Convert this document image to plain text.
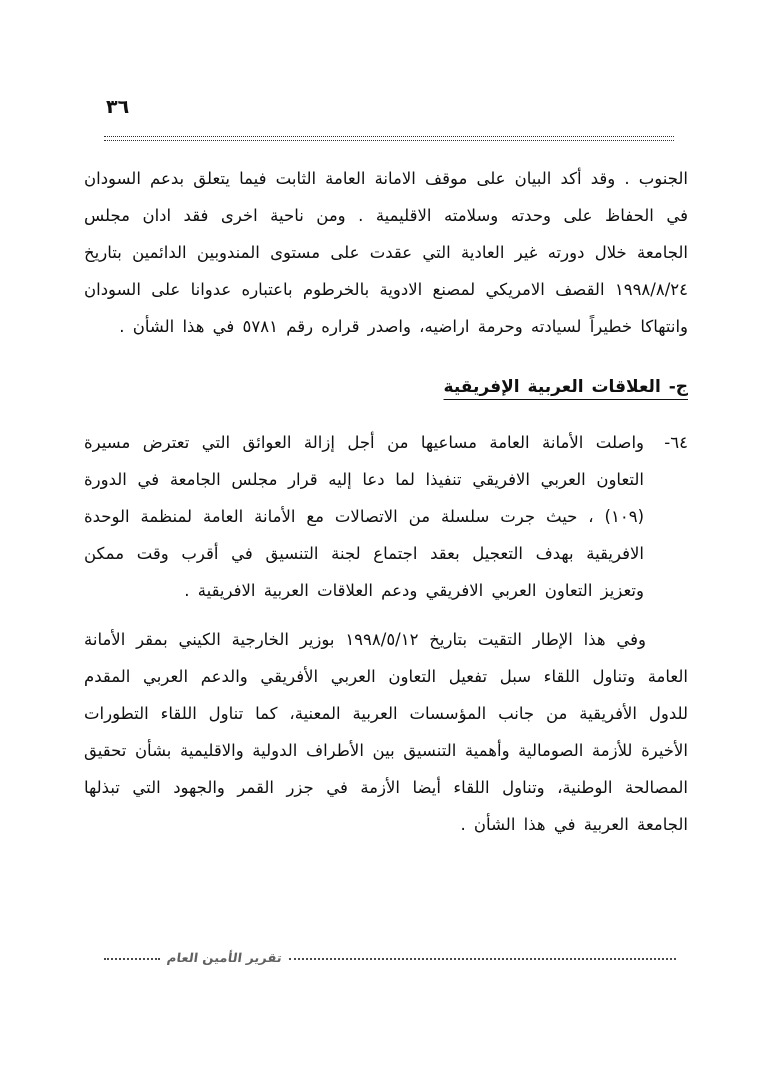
٣٦

الجنوب . وقد أكد البيان على موقف الامانة العامة الثابت فيما يتعلق بدعم السودان في الحفاظ على وحدته وسلامته الاقليمية . ومن ناحية اخرى فقد ادان مجلس الجامعة خلال دورته غير العادية التي عقدت على مستوى المندوبين الدائمين بتاريخ ١٩٩٨/٨/٢٤ القصف الامريكي لمصنع الادوية بالخرطوم باعتباره عدوانا على السودان وانتهاكا خطيراً لسيادته وحرمة اراضيه، واصدر قراره رقم ٥٧٨١ في هذا الشأن .

ج- العلاقات العربية الإفريقية
٦٤-

واصلت الأمانة العامة مساعيها من أجل إزالة العوائق التي تعترض مسيرة التعاون العربي الافريقي تنفيذا لما دعا إليه قرار مجلس الجامعة في الدورة (١٠٩) ، حيث جرت سلسلة من الاتصالات مع الأمانة العامة لمنظمة الوحدة الافريقية بهدف التعجيل بعقد اجتماع لجنة التنسيق في أقرب وقت ممكن وتعزيز التعاون العربي الافريقي ودعم العلاقات العربية الافريقية .

وفي هذا الإطار التقيت بتاريخ ١٩٩٨/٥/١٢ بوزير الخارجية الكيني بمقر الأمانة العامة وتناول اللقاء سبل تفعيل التعاون العربي الأفريقي والدعم العربي المقدم للدول الأفريقية من جانب المؤسسات العربية المعنية، كما تناول اللقاء التطورات الأخيرة للأزمة الصومالية وأهمية التنسيق بين الأطراف الدولية والاقليمية بشأن تحقيق المصالحة الوطنية، وتناول اللقاء أيضا الأزمة في جزر القمر والجهود التي تبذلها الجامعة العربية في هذا الشأن .

تقرير الأمين العام
